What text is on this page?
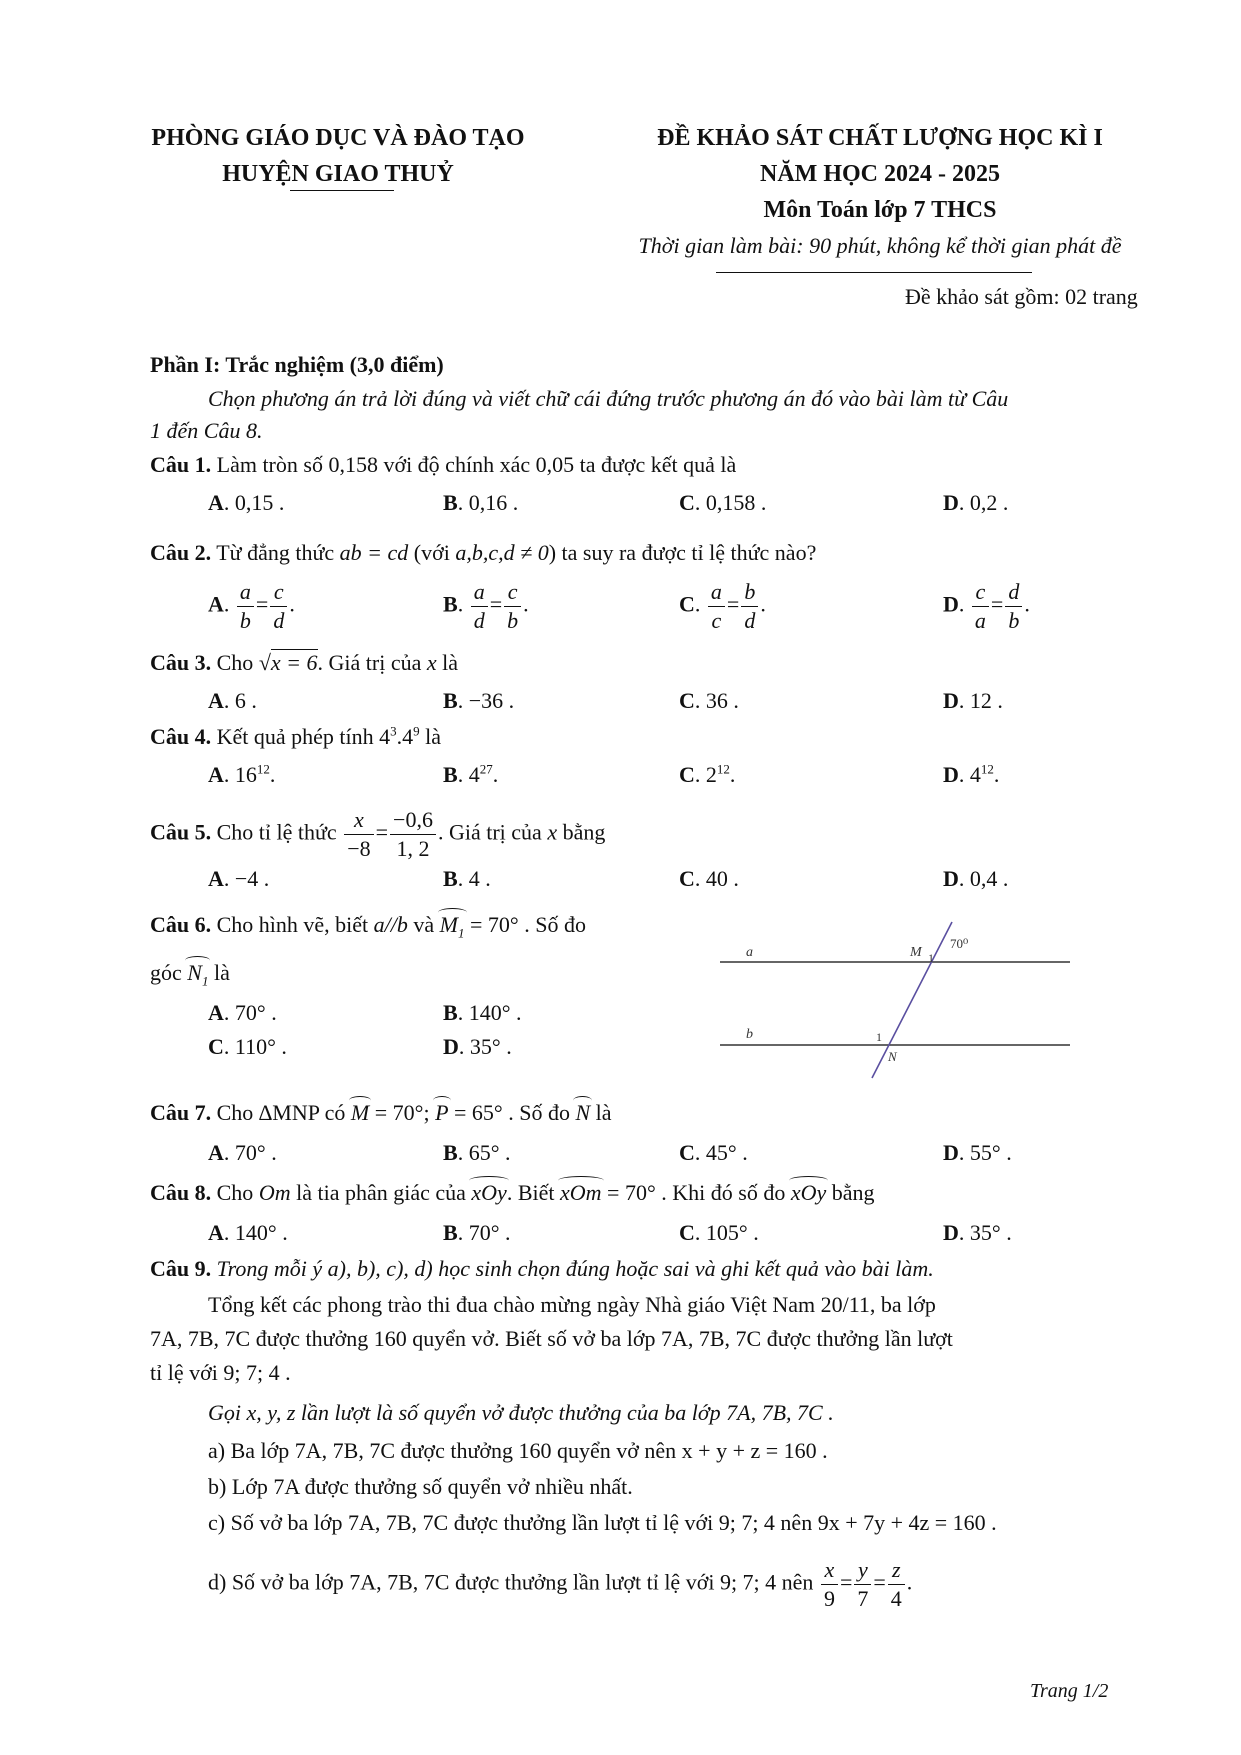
PHÒNG GIÁO DỤC VÀ ĐÀO TẠO
HUYỆN GIAO THUỶ
ĐỀ KHẢO SÁT CHẤT LƯỢNG HỌC KÌ I
NĂM HỌC 2024 - 2025
Môn Toán lớp 7 THCS
Thời gian làm bài: 90 phút, không kể thời gian phát đề
Đề khảo sát gồm: 02 trang
Phần I: Trắc nghiệm (3,0 điểm)
Chọn phương án trả lời đúng và viết chữ cái đứng trước phương án đó vào bài làm từ Câu
1 đến Câu 8.
Câu 1. Làm tròn số 0,158 với độ chính xác 0,05 ta được kết quả là
A. 0,15 .	B. 0,16 .	C. 0,158 .	D. 0,2 .
Câu 2. Từ đẳng thức ab = cd (với a,b,c,d ≠ 0) ta suy ra được tỉ lệ thức nào?
A. $\frac{a}{b} = \frac{c}{d}$ .	B. $\frac{a}{d} = \frac{c}{b}$ .	C. $\frac{a}{c} = \frac{b}{d}$ .	D. $\frac{c}{a} = \frac{d}{b}$ .
Câu 3. Cho √x = 6. Giá trị của x là
A. 6 .	B. −36 .	C. 36 .	D. 12 .
Câu 4. Kết quả phép tính $4^3.4^9$ là
A. $16^{12}$.	B. $4^{27}$.	C. $2^{12}$.	D. $4^{12}$.
Câu 5. Cho tỉ lệ thức $\frac{x}{-8} = \frac{-0,6}{1, 2}$ . Giá trị của x bằng
A. −4 .	B. 4 .	C. 40 .	D. 0,4 .
Câu 6. Cho hình vẽ, biết a//b và $M_1 = 70^\circ$ . Số đo
góc $N_1$ là
A. 70° .	B. 140° .
C. 110° .	D. 35° .
a
b
M 1
70⁰
1
N
Câu 7. Cho ∆MNP có M = 70°; P = 65° . Số đo N là
A. 70° .	B. 65° .	C. 45° .	D. 55° .
Câu 8. Cho Om là tia phân giác của xOy. Biết xOm = 70° . Khi đó số đo xOy bằng
A. 140° .	B. 70° .	C. 105° .	D. 35° .
Câu 9. Trong mỗi ý a), b), c), d) học sinh chọn đúng hoặc sai và ghi kết quả vào bài làm.
Tổng kết các phong trào thi đua chào mừng ngày Nhà giáo Việt Nam 20/11, ba lớp
7A, 7B, 7C được thưởng 160 quyển vở. Biết số vở ba lớp 7A, 7B, 7C được thưởng lần lượt
tỉ lệ với 9; 7; 4 .
Gọi x, y, z lần lượt là số quyển vở được thưởng của ba lớp 7A, 7B, 7C .
a) Ba lớp 7A, 7B, 7C được thưởng 160 quyển vở nên x + y + z = 160 .
b) Lớp 7A được thưởng số quyển vở nhiều nhất.
c) Số vở ba lớp 7A, 7B, 7C được thưởng lần lượt tỉ lệ với 9; 7; 4 nên 9x + 7y + 4z = 160 .
d) Số vở ba lớp 7A, 7B, 7C được thưởng lần lượt tỉ lệ với 9; 7; 4 nên $\frac{x}{9} = \frac{y}{7} = \frac{z}{4}$ .
Trang 1/2
